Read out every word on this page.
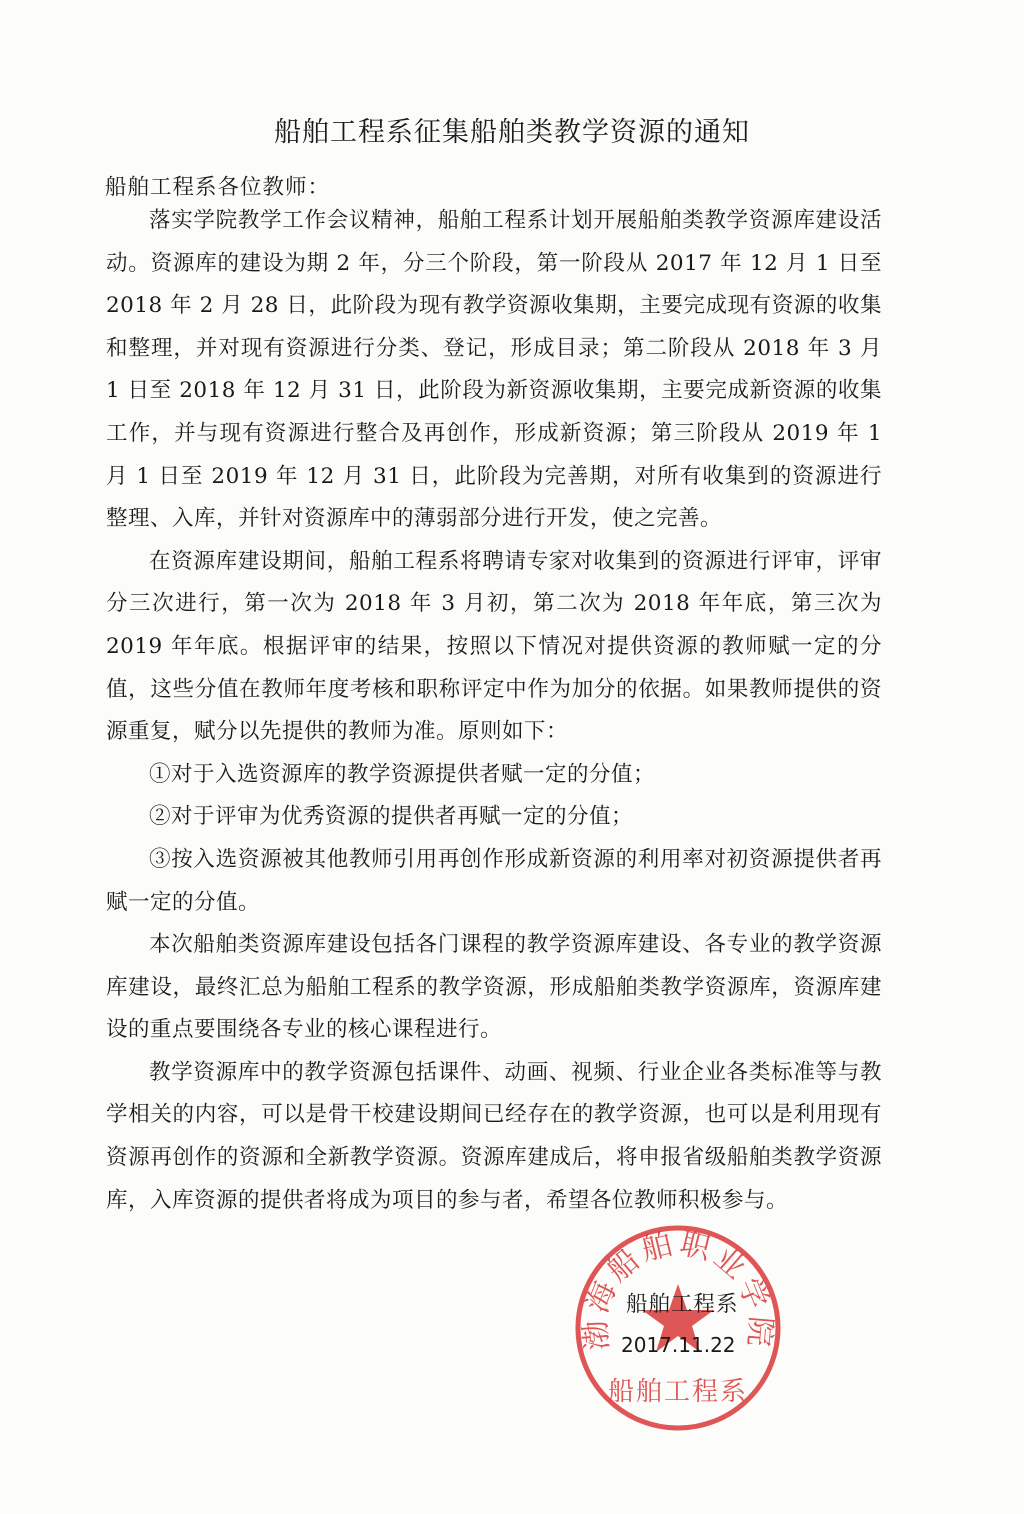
船舶工程系征集船舶类教学资源的通知
船舶工程系各位教师：

落实学院教学工作会议精神，船舶工程系计划开展船舶类教学资源库建设活动。资源库的建设为期 2 年，分三个阶段，第一阶段从 2017 年 12 月 1 日至 2018 年 2 月 28 日，此阶段为现有教学资源收集期，主要完成现有资源的收集和整理，并对现有资源进行分类、登记，形成目录；第二阶段从 2018 年 3 月 1 日至 2018 年 12 月 31 日，此阶段为新资源收集期，主要完成新资源的收集工作，并与现有资源进行整合及再创作，形成新资源；第三阶段从 2019 年 1 月 1 日至 2019 年 12 月 31 日，此阶段为完善期，对所有收集到的资源进行整理、入库，并针对资源库中的薄弱部分进行开发，使之完善。

在资源库建设期间，船舶工程系将聘请专家对收集到的资源进行评审，评审分三次进行，第一次为 2018 年 3 月初，第二次为 2018 年年底，第三次为 2019 年年底。根据评审的结果，按照以下情况对提供资源的教师赋一定的分值，这些分值在教师年度考核和职称评定中作为加分的依据。如果教师提供的资源重复，赋分以先提供的教师为准。原则如下：

①对于入选资源库的教学资源提供者赋一定的分值；

②对于评审为优秀资源的提供者再赋一定的分值；

③按入选资源被其他教师引用再创作形成新资源的利用率对初资源提供者再赋一定的分值。

本次船舶类资源库建设包括各门课程的教学资源库建设、各专业的教学资源库建设，最终汇总为船舶工程系的教学资源，形成船舶类教学资源库，资源库建设的重点要围绕各专业的核心课程进行。

教学资源库中的教学资源包括课件、动画、视频、行业企业各类标准等与教学相关的内容，可以是骨干校建设期间已经存在的教学资源，也可以是利用现有资源再创作的资源和全新教学资源。资源库建成后，将申报省级船舶类教学资源库，入库资源的提供者将成为项目的参与者，希望各位教师积极参与。

渤海船舶职业学院
船舶工程系
船舶工程系
2017.11.22
